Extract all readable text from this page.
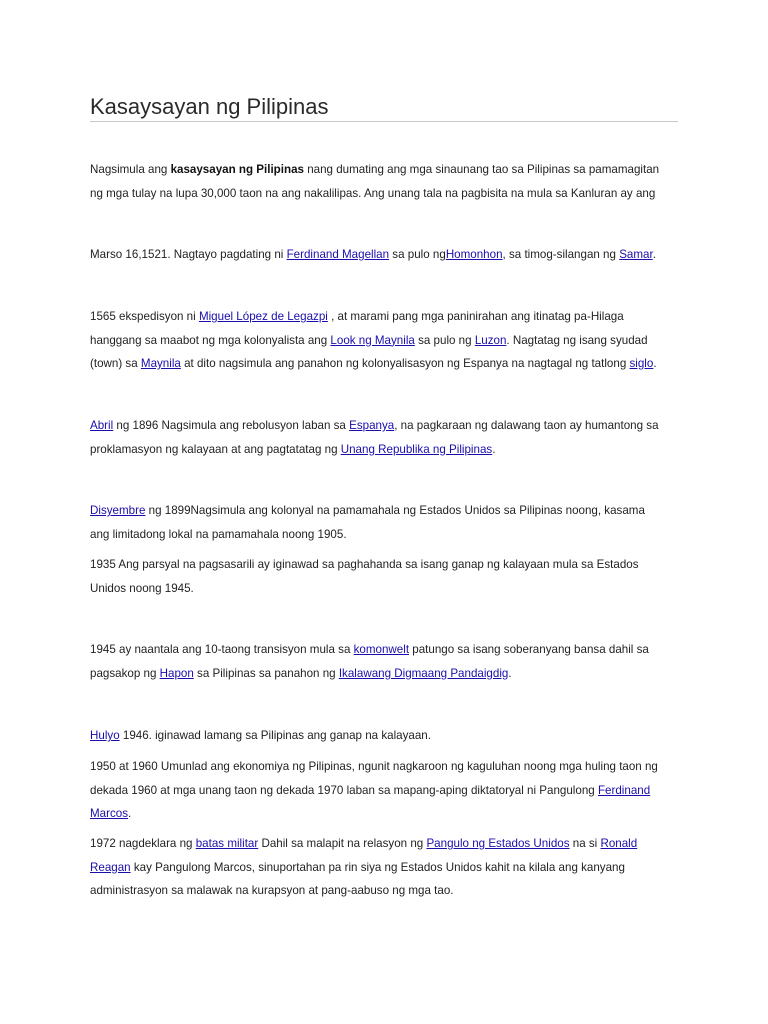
Kasaysayan ng Pilipinas

Nagsimula ang kasaysayan ng Pilipinas nang dumating ang mga sinaunang tao sa Pilipinas sa pamamagitan
ng mga tulay na lupa 30,000 taon na ang nakalilipas. Ang unang tala na pagbisita na mula sa Kanluran ay ang

Marso 16,1521. Nagtayo pagdating ni Ferdinand Magellan sa pulo ngHomonhon, sa timog-silangan ng Samar.

1565 ekspedisyon ni Miguel López de Legazpi , at marami pang mga paninirahan ang itinatag pa-Hilaga
hanggang sa maabot ng mga kolonyalista ang Look ng Maynila sa pulo ng Luzon. Nagtatag ng isang syudad
(town) sa Maynila at dito nagsimula ang panahon ng kolonyalisasyon ng Espanya na nagtagal ng tatlong siglo.

Abril ng 1896 Nagsimula ang rebolusyon laban sa Espanya, na pagkaraan ng dalawang taon ay humantong sa
proklamasyon ng kalayaan at ang pagtatatag ng Unang Republika ng Pilipinas.

Disyembre ng 1899Nagsimula ang kolonyal na pamamahala ng Estados Unidos sa Pilipinas noong, kasama
ang limitadong lokal na pamamahala noong 1905.

1935 Ang parsyal na pagsasarili ay iginawad sa paghahanda sa isang ganap ng kalayaan mula sa Estados
Unidos noong 1945.

1945 ay naantala ang 10-taong transisyon mula sa komonwelt patungo sa isang soberanyang bansa dahil sa
pagsakop ng Hapon sa Pilipinas sa panahon ng Ikalawang Digmaang Pandaigdig.

Hulyo 1946. iginawad lamang sa Pilipinas ang ganap na kalayaan.

1950 at 1960 Umunlad ang ekonomiya ng Pilipinas, ngunit nagkaroon ng kaguluhan noong mga huling taon ng
dekada 1960 at mga unang taon ng dekada 1970 laban sa mapang-aping diktatoryal ni Pangulong Ferdinand
Marcos.

1972 nagdeklara ng batas militar Dahil sa malapit na relasyon ng Pangulo ng Estados Unidos na si Ronald
Reagan kay Pangulong Marcos, sinuportahan pa rin siya ng Estados Unidos kahit na kilala ang kanyang
administrasyon sa malawak na kurapsyon at pang-aabuso ng mga tao.
